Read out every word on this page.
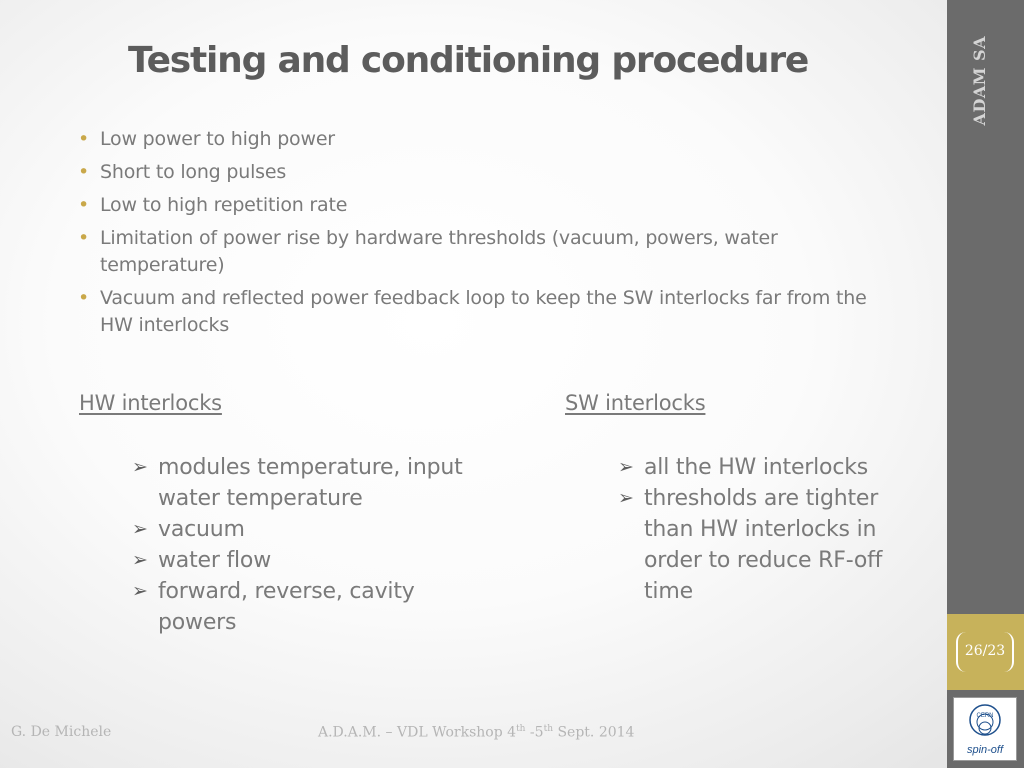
Testing and conditioning procedure
• Low power to high power
• Short to long pulses
• Low to high repetition rate
• Limitation of power rise by hardware thresholds (vacuum, powers, water temperature)
• Vacuum and reflected power feedback loop to keep the SW interlocks far from the HW interlocks
HW interlocks	SW interlocks
➢ modules temperature, input water temperature
➢ vacuum
➢ water flow
➢ forward, reverse, cavity powers
➢ all the HW interlocks
➢ thresholds are tighter than HW interlocks in order to reduce RF-off time
ADAM SA
26/23
CERN
spin-off
G. De Michele	A.D.A.M. – VDL Workshop 4th -5th Sept. 2014
